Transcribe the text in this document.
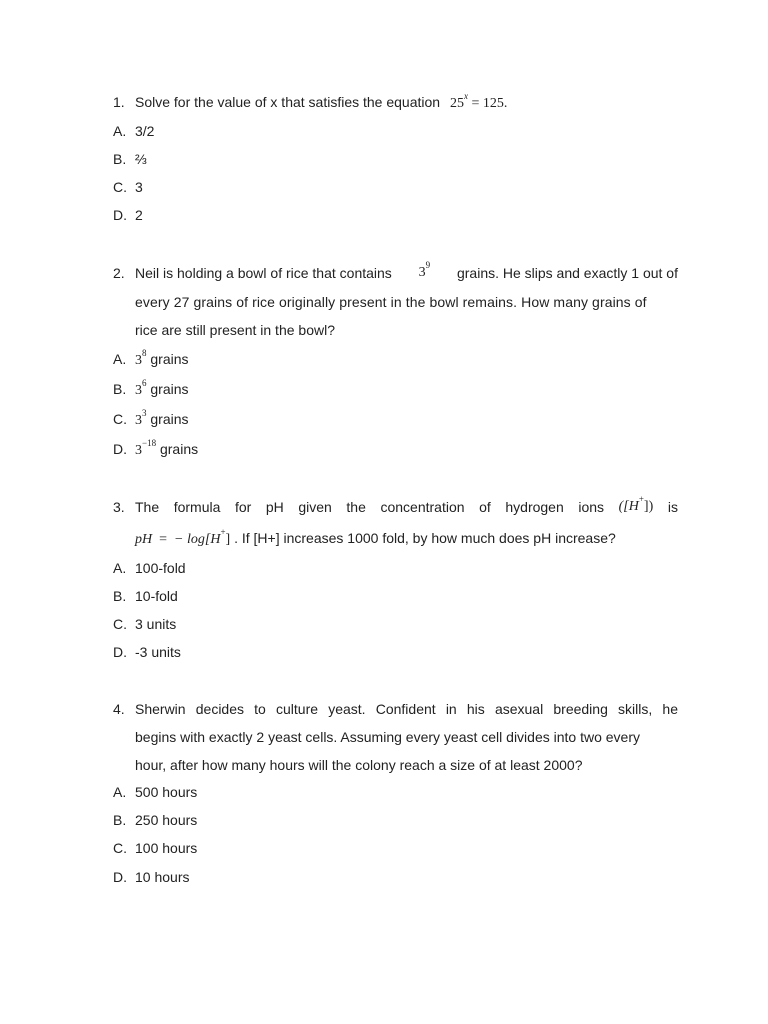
1. Solve for the value of x that satisfies the equation $25^x = 125$.
A. 3/2
B. ⅔
C. 3
D. 2
2. Neil is holding a bowl of rice that contains $3^9$ grains. He slips and exactly 1 out of
every 27 grains of rice originally present in the bowl remains. How many grains of
rice are still present in the bowl?
A. $3^8$ grains
B. $3^6$ grains
C. $3^3$ grains
D. $3^{-18}$ grains
3. The formula for pH given the concentration of hydrogen ions ([H+]) is
pH = − log[H+] . If [H+] increases 1000 fold, by how much does pH increase?
A. 100-fold
B. 10-fold
C. 3 units
D. -3 units
4. Sherwin decides to culture yeast. Confident in his asexual breeding skills, he
begins with exactly 2 yeast cells. Assuming every yeast cell divides into two every
hour, after how many hours will the colony reach a size of at least 2000?
A. 500 hours
B. 250 hours
C. 100 hours
D. 10 hours
